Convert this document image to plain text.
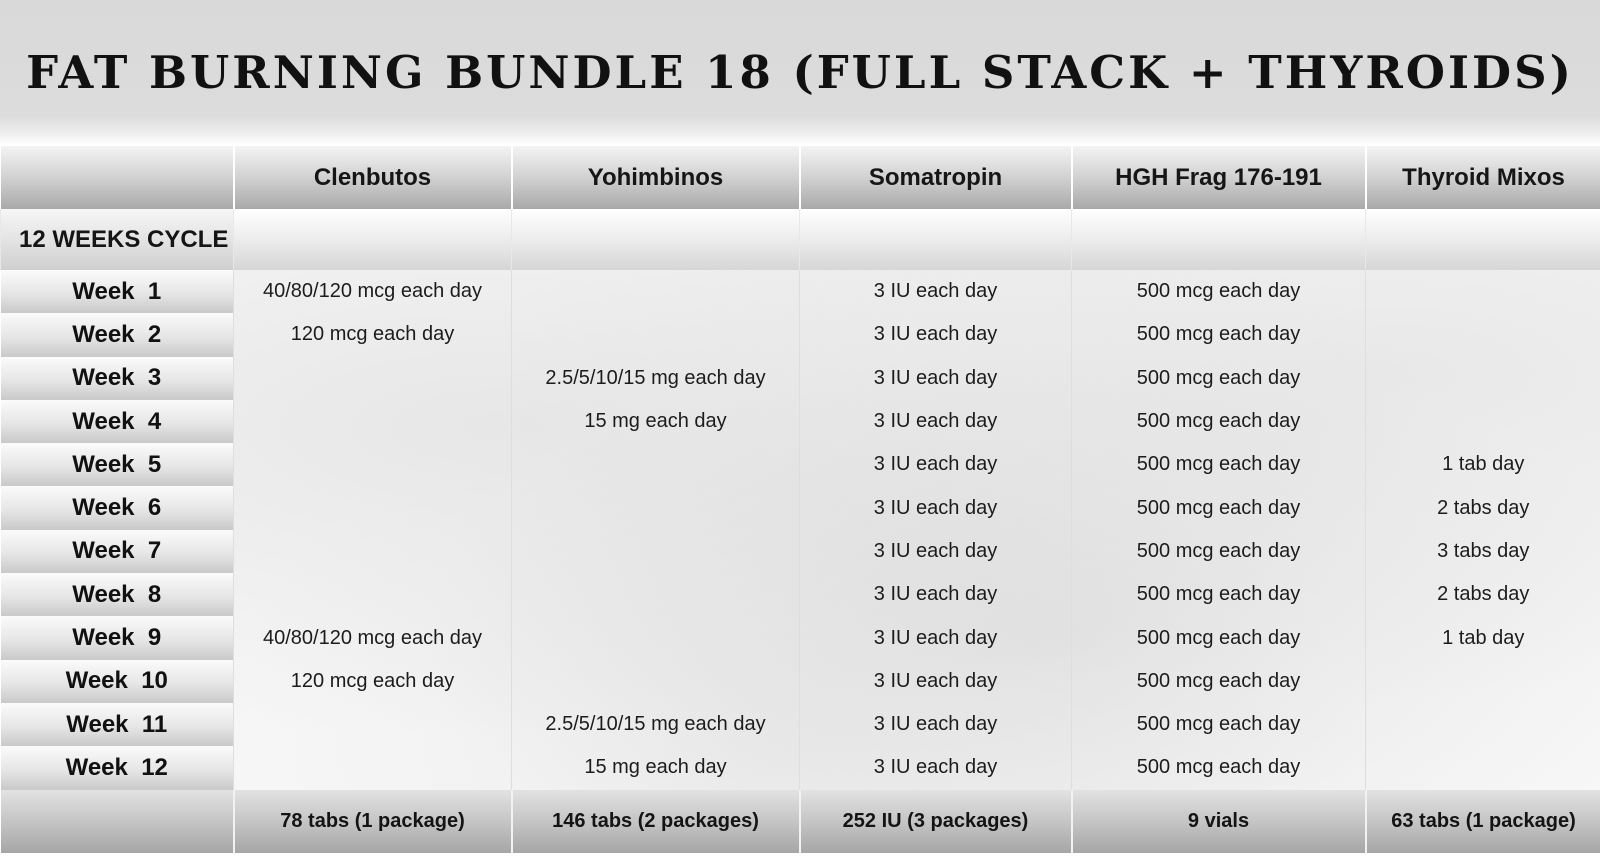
FAT BURNING BUNDLE 18 (FULL STACK + THYROIDS)
	Clenbutos	Yohimbinos	Somatropin	HGH Frag 176-191	Thyroid Mixos
12 WEEKS CYCLE					
Week  1	40/80/120 mcg each day		3 IU each day	500 mcg each day	
Week  2	120 mcg each day		3 IU each day	500 mcg each day	
Week  3		2.5/5/10/15 mg each day	3 IU each day	500 mcg each day	
Week  4		15 mg each day	3 IU each day	500 mcg each day	
Week  5			3 IU each day	500 mcg each day	1 tab day
Week  6			3 IU each day	500 mcg each day	2 tabs day
Week  7			3 IU each day	500 mcg each day	3 tabs day
Week  8			3 IU each day	500 mcg each day	2 tabs day
Week  9	40/80/120 mcg each day		3 IU each day	500 mcg each day	1 tab day
Week  10	120 mcg each day		3 IU each day	500 mcg each day	
Week  11		2.5/5/10/15 mg each day	3 IU each day	500 mcg each day	
Week  12		15 mg each day	3 IU each day	500 mcg each day	
	78 tabs (1 package)	146 tabs (2 packages)	252 IU (3 packages)	9 vials	63 tabs (1 package)
